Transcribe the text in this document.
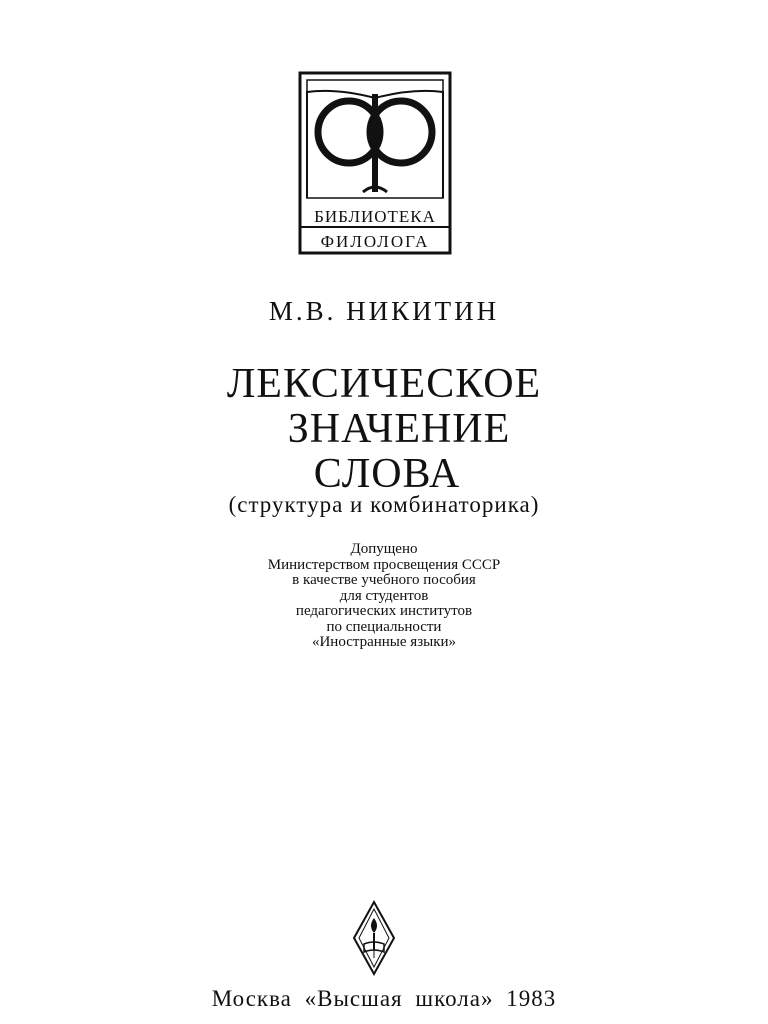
БИБЛИОТЕКА
ФИЛОЛОГА
М.В. НИКИТИН
ЛЕКСИЧЕСКОЕ
ЗНАЧЕНИЕ
СЛОВА
(структура и комбинаторика)
Допущено
Министерством просвещения СССР
в качестве учебного пособия
для студентов
педагогических институтов
по специальности
«Иностранные языки»
Москва «Высшая школа» 1983
